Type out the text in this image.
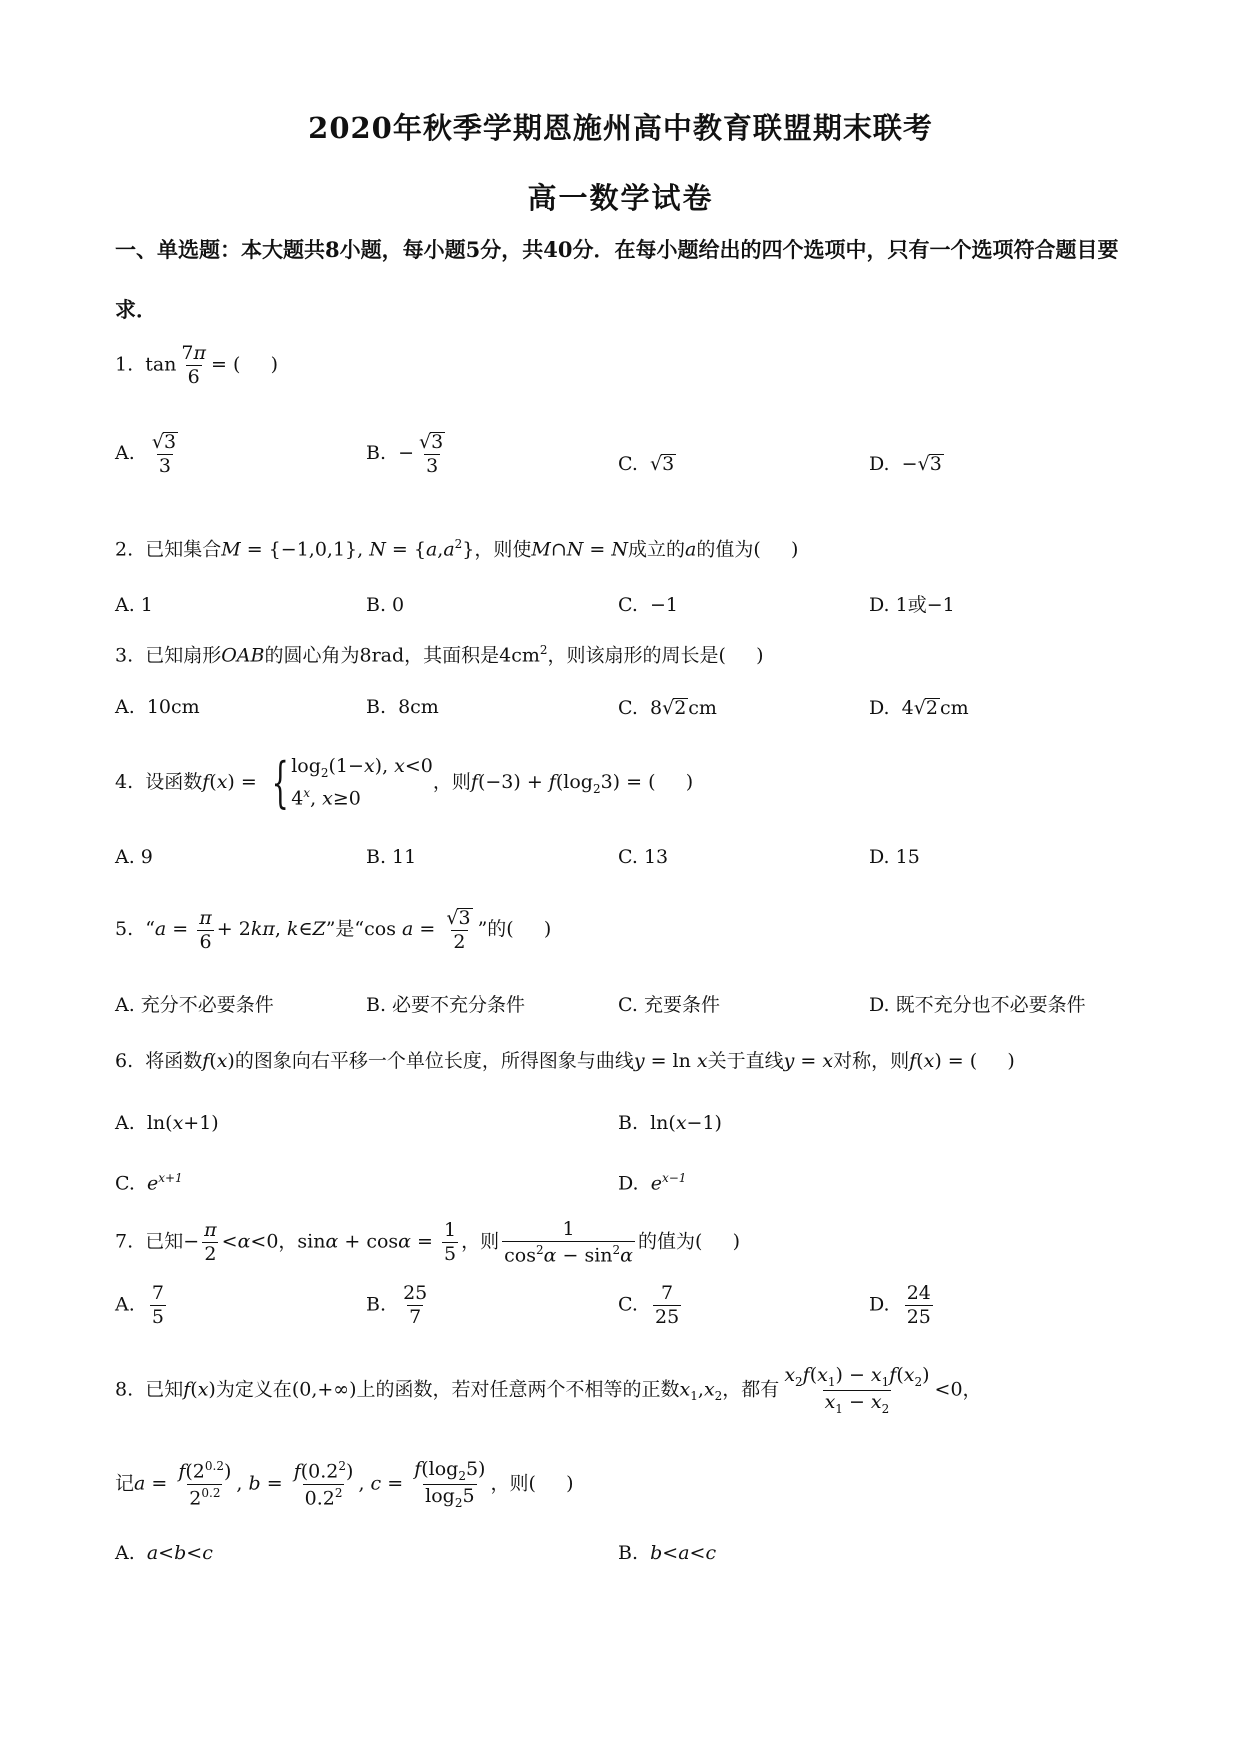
2020年秋季学期恩施州高中教育联盟期末联考
高一数学试卷
一、单选题：本大题共8小题，每小题5分，共40分．在每小题给出的四个选项中，只有一个选项符合题目要求．
1.  $\tan \frac{7\pi}{6}$ = (     )
A. $\frac{√3}{3}$	B.  − $\frac{√3}{3}$	C.  √3	D.  −√3
2.  已知集合M = {−1,0,1}, $N = \{a,a^2\}$，则使M∩N = N成立的a的值为(     )
A. 1	B. 0	C.  −1	D. 1或−1
3.  已知扇形OAB的圆心角为8rad，其面积是$4cm^2$，则该扇形的周长是(     )
A.  10cm	B.  8cm	C.  8√2 cm	D.  4√2 cm
4.  设函数f(x) = { $\log_2(1-x)$, x<0
4$^x$, x≥0
，则$f(-3) + f(\log_23)$ = (     )
A. 9	B. 11	C. 13	D. 15
5.  “$a = \frac{\pi}{6} + 2k\pi$, k∈Z”是“cos $a = \frac{√3}{2}$ ”的(     )
A. 充分不必要条件	B. 必要不充分条件	C. 充要条件	D. 既不充分也不必要条件
6.  将函数f(x)的图象向右平移一个单位长度，所得图象与曲线y = ln x关于直线y = x对称，则f(x) = (     )
A.  ln(x+1)	B.  ln(x−1)
C.  $e^{x+1}$	D.  $e^{x-1}$
7.  已知− $\frac{\pi}{2} <\alpha<0$，$\sin\alpha + \cos\alpha = \frac{1}{5}$ ，则 $\frac{1}{\cos^2\alpha - \sin^2\alpha}$ 的值为(     )
A. $\frac{7}{5}$	B. $\frac{25}{7}$	C. $\frac{7}{25}$	D. $\frac{24}{25}$
8.  已知f(x)为定义在(0,+∞)上的函数，若对任意两个不相等的正数$x_1,x_2$，都有 $\frac{x_2f(x_1) - x_1f(x_2)}{x_1 - x_2} <0$，
记$a = \frac{f(2^{0.2})}{2^{0.2}}$ , $b = \frac{f(0.2^2)}{0.2^2}$ , $c = \frac{f(\log_25)}{\log_25}$ ，则(     )
A.  a<b<c	B.  b<a<c
